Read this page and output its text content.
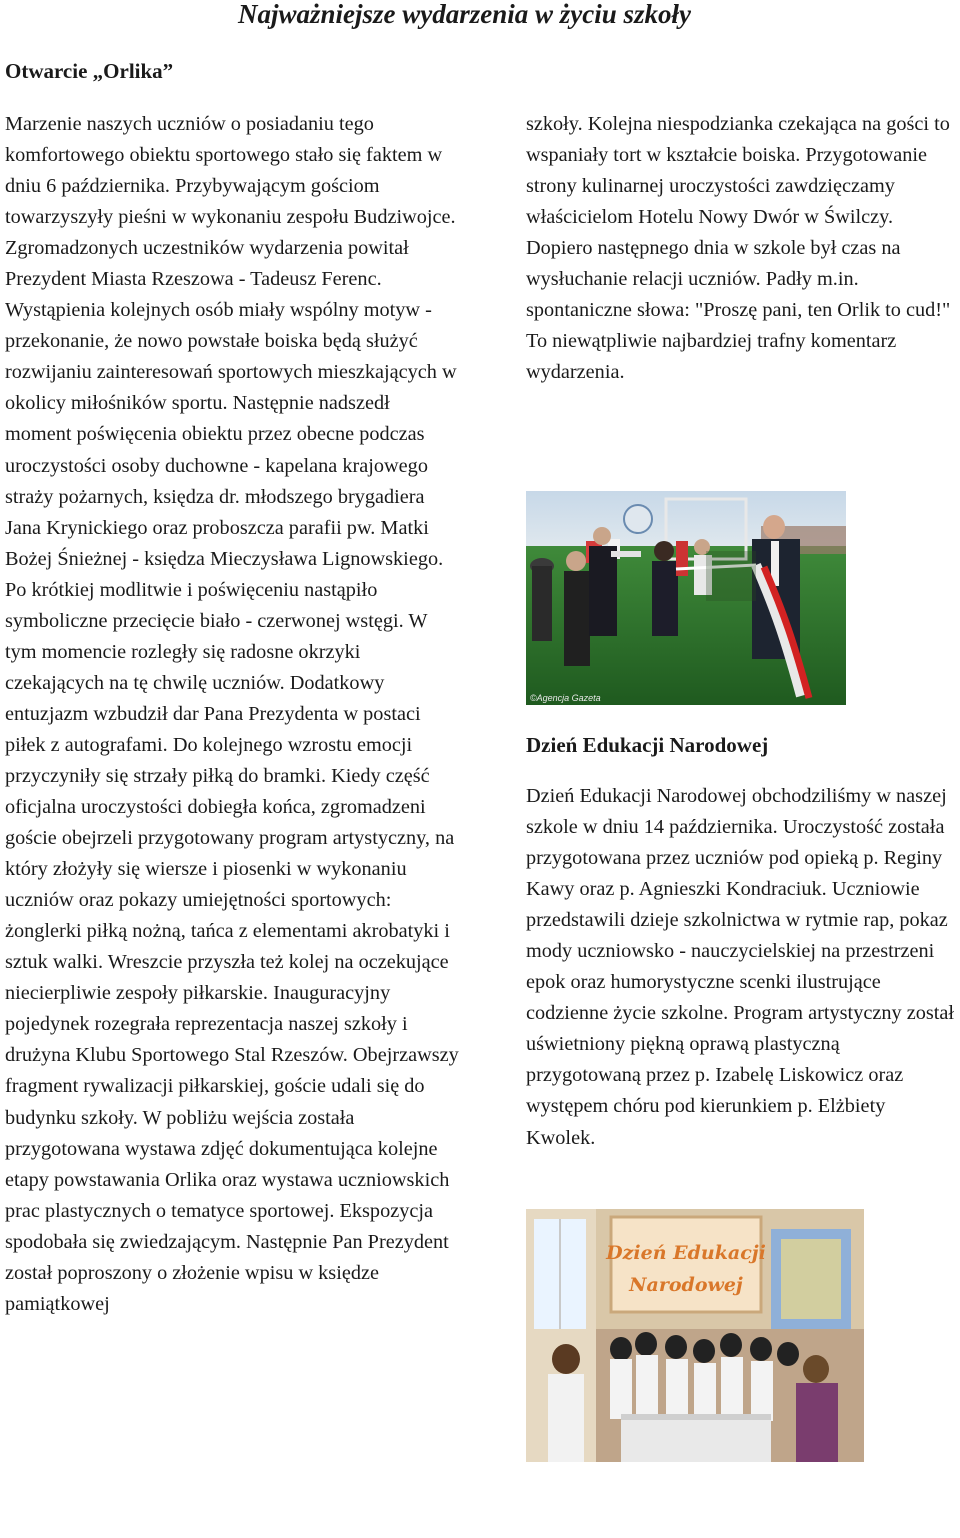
Najważniejsze wydarzenia w życiu szkoły
Otwarcie „Orlika”

Marzenie naszych uczniów o posiadaniu tego komfortowego obiektu sportowego stało się faktem w dniu 6 października. Przybywającym gościom towarzyszyły pieśni w wykonaniu zespołu Budziwojce. Zgromadzonych uczestników wydarzenia powitał Prezydent Miasta Rzeszowa - Tadeusz Ferenc. Wystąpienia kolejnych osób miały wspólny motyw - przekonanie, że nowo powstałe boiska będą służyć rozwijaniu zainteresowań sportowych mieszkających w okolicy miłośników sportu. Następnie nadszedł moment poświęcenia obiektu przez obecne podczas uroczystości osoby duchowne - kapelana krajowego straży pożarnych, księdza dr. młodszego brygadiera Jana Krynickiego oraz proboszcza parafii pw. Matki Bożej Śnieżnej - księdza Mieczysława Lignowskiego. Po krótkiej modlitwie i poświęceniu nastąpiło symboliczne przecięcie biało - czerwonej wstęgi. W tym momencie rozległy się radosne okrzyki czekających na tę chwilę uczniów. Dodatkowy entuzjazm wzbudził dar Pana Prezydenta w postaci piłek z autografami. Do kolejnego wzrostu emocji przyczyniły się strzały piłką do bramki. Kiedy część oficjalna uroczystości dobiegła końca, zgromadzeni goście obejrzeli przygotowany program artystyczny, na który złożyły się wiersze i piosenki w wykonaniu uczniów oraz pokazy umiejętności sportowych: żonglerki piłką nożną, tańca z elementami akrobatyki i sztuk walki. Wreszcie przyszła też kolej na oczekujące niecierpliwie zespoły piłkarskie. Inauguracyjny pojedynek rozegrała reprezentacja naszej szkoły i drużyna Klubu Sportowego Stal Rzeszów. Obejrzawszy fragment rywalizacji piłkarskiej, goście udali się do budynku szkoły. W pobliżu wejścia została przygotowana wystawa zdjęć dokumentująca kolejne etapy powstawania Orlika oraz wystawa uczniowskich prac plastycznych o tematyce sportowej. Ekspozycja spodobała się zwiedzającym. Następnie Pan Prezydent został poproszony o złożenie wpisu w księdze pamiątkowej

szkoły. Kolejna niespodzianka czekająca na gości to wspaniały tort w kształcie boiska. Przygotowanie strony kulinarnej uroczystości zawdzięczamy właścicielom Hotelu Nowy Dwór w Świlczy. Dopiero następnego dnia w szkole był czas na wysłuchanie relacji uczniów. Padły m.in. spontaniczne słowa: "Proszę pani, ten Orlik to cud!" To niewątpliwie najbardziej trafny komentarz wydarzenia.

©Agencja Gazeta
Dzień Edukacji Narodowej

Dzień Edukacji Narodowej obchodziliśmy w naszej szkole w dniu 14 października. Uroczystość została przygotowana przez uczniów pod opieką p. Reginy Kawy oraz p. Agnieszki Kondraciuk. Uczniowie przedstawili dzieje szkolnictwa w rytmie rap, pokaz mody uczniowsko - nauczycielskiej na przestrzeni epok oraz humorystyczne scenki ilustrujące codzienne życie szkolne. Program artystyczny został uświetniony piękną oprawą plastyczną przygotowaną przez p. Izabelę Liskowicz oraz występem chóru pod kierunkiem p. Elżbiety Kwolek.

Dzień Edukacji
Narodowej
